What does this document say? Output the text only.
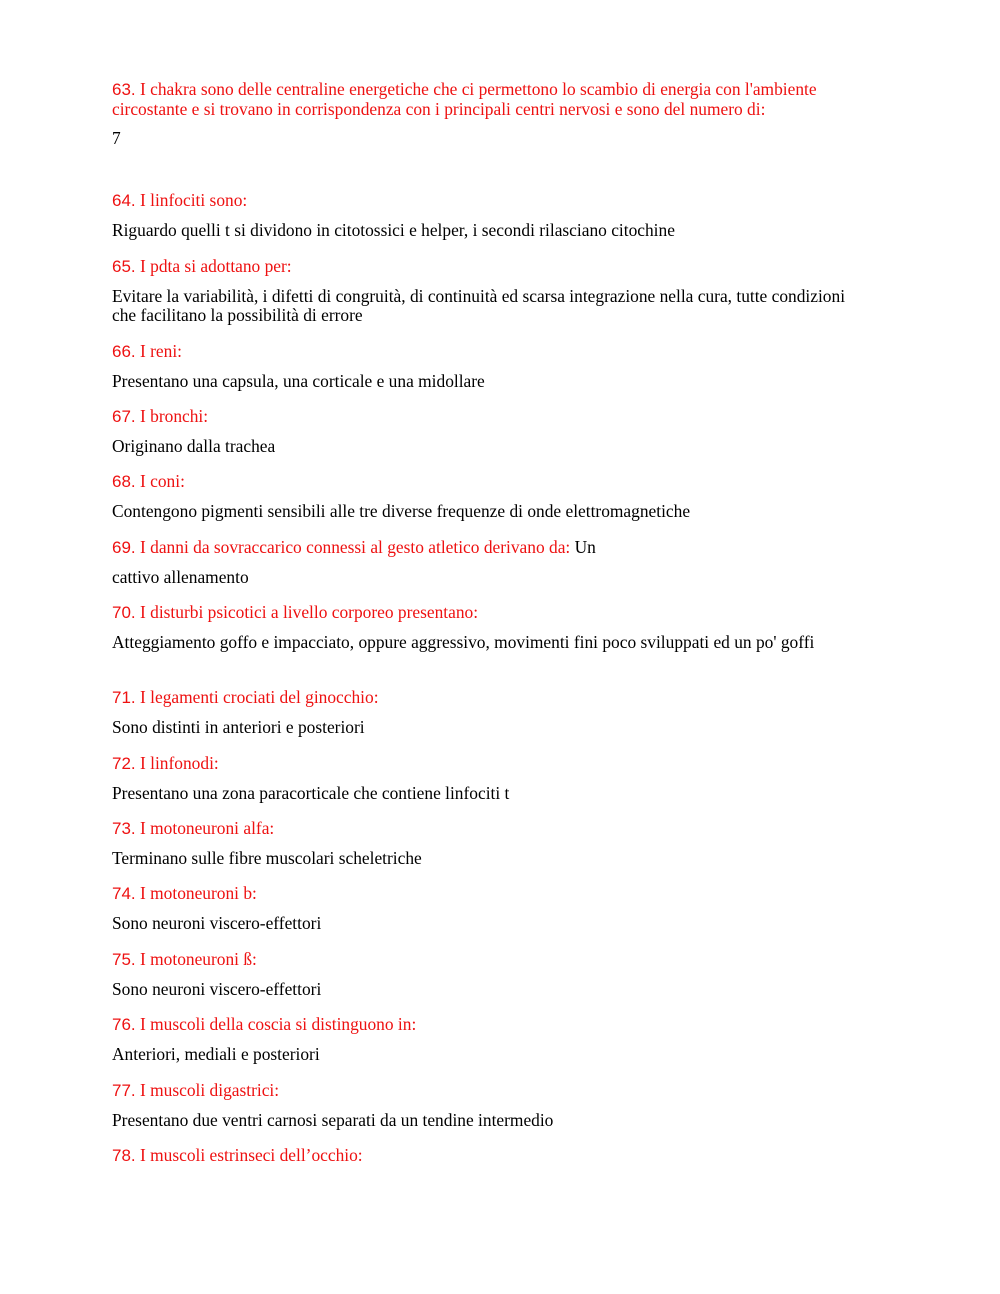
63. I chakra sono delle centraline energetiche che ci permettono lo scambio di energia con l'ambiente circostante e si trovano in corrispondenza con i principali centri nervosi e sono del numero di:

7

64. I linfociti sono:

Riguardo quelli t si dividono in citotossici e helper, i secondi rilasciano citochine

65. I pdta si adottano per:

Evitare la variabilità, i difetti di congruità, di continuità ed scarsa integrazione nella cura, tutte condizioni che facilitano la possibilità di errore

66. I reni:

Presentano una capsula, una corticale e una midollare

67. I bronchi:

Originano dalla trachea

68. I coni:

Contengono pigmenti sensibili alle tre diverse frequenze di onde elettromagnetiche

69. I danni da sovraccarico connessi al gesto atletico derivano da: Un

cattivo allenamento

70. I disturbi psicotici a livello corporeo presentano:

Atteggiamento goffo e impacciato, oppure aggressivo, movimenti fini poco sviluppati ed un po' goffi

71. I legamenti crociati del ginocchio:

Sono distinti in anteriori e posteriori

72. I linfonodi:

Presentano una zona paracorticale che contiene linfociti t

73. I motoneuroni alfa:

Terminano sulle fibre muscolari scheletriche

74. I motoneuroni b:

Sono neuroni viscero-effettori

75. I motoneuroni ß:

Sono neuroni viscero-effettori

76. I muscoli della coscia si distinguono in:

Anteriori, mediali e posteriori

77. I muscoli digastrici:

Presentano due ventri carnosi separati da un tendine intermedio

78. I muscoli estrinseci dell’occhio:
